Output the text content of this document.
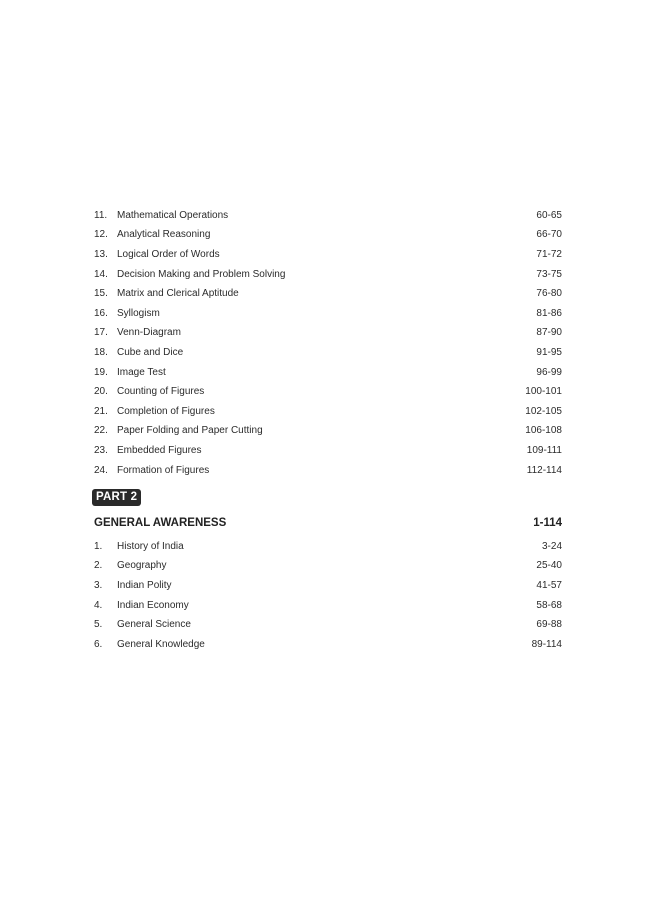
11. Mathematical Operations	60-65
12. Analytical Reasoning	66-70
13. Logical Order of Words	71-72
14. Decision Making and Problem Solving	73-75
15. Matrix and Clerical Aptitude	76-80
16. Syllogism	81-86
17. Venn-Diagram	87-90
18. Cube and Dice	91-95
19. Image Test	96-99
20. Counting of Figures	100-101
21. Completion of Figures	102-105
22. Paper Folding and Paper Cutting	106-108
23. Embedded Figures	109-111
24. Formation of Figures	112-114
PART 2
GENERAL AWARENESS	1-114
1.	History of India	3-24
2.	Geography	25-40
3.	Indian Polity	41-57
4.	Indian Economy	58-68
5.	General Science	69-88
6.	General Knowledge	89-114
